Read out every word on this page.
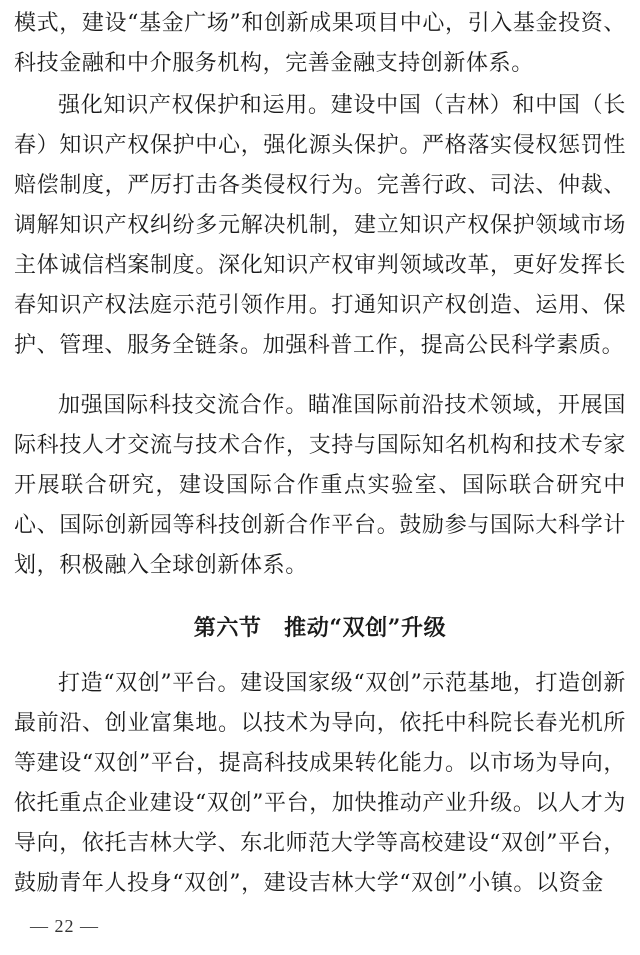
模式，建设“基金广场”和创新成果项目中心，引入基金投资、科技金融和中介服务机构，完善金融支持创新体系。

强化知识产权保护和运用。建设中国（吉林）和中国（长春）知识产权保护中心，强化源头保护。严格落实侵权惩罚性赔偿制度，严厉打击各类侵权行为。完善行政、司法、仲裁、调解知识产权纠纷多元解决机制，建立知识产权保护领域市场主体诚信档案制度。深化知识产权审判领域改革，更好发挥长春知识产权法庭示范引领作用。打通知识产权创造、运用、保护、管理、服务全链条。加强科普工作，提高公民科学素质。

加强国际科技交流合作。瞄准国际前沿技术领域，开展国际科技人才交流与技术合作，支持与国际知名机构和技术专家开展联合研究，建设国际合作重点实验室、国际联合研究中心、国际创新园等科技创新合作平台。鼓励参与国际大科学计划，积极融入全球创新体系。

第六节　推动“双创”升级

打造“双创”平台。建设国家级“双创”示范基地，打造创新最前沿、创业富集地。以技术为导向，依托中科院长春光机所等建设“双创”平台，提高科技成果转化能力。以市场为导向，依托重点企业建设“双创”平台，加快推动产业升级。以人才为导向，依托吉林大学、东北师范大学等高校建设“双创”平台，鼓励青年人投身“双创”，建设吉林大学“双创”小镇。以资金

— 22 —
